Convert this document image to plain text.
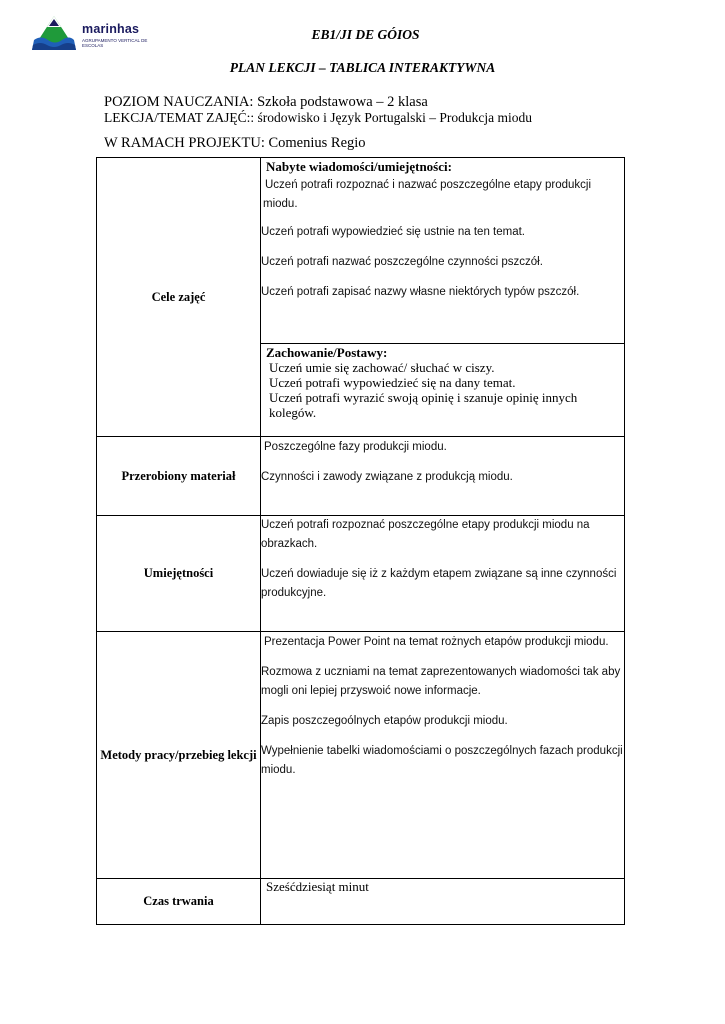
marinhas
AGRUPAMENTO VERTICAL DE ESCOLAS
EB1/JI DE GÓIOS
PLAN LEKCJI – TABLICA INTERAKTYWNA
POZIOM NAUCZANIA: Szkoła podstawowa – 2 klasa
LEKCJA/TEMAT ZAJĘĆ:: środowisko i Język Portugalski – Produkcja miodu
W RAMACH PROJEKTU: Comenius Regio
Cele zajęć	Nabyte wiadomości/umiejętności:

Uczeń potrafi rozpoznać i nazwać poszczególne etapy produkcji miodu.

Uczeń potrafi wypowiedzieć się ustnie na ten temat.

Uczeń potrafi nazwać poszczególne czynności pszczół.

Uczeń potrafi zapisać nazwy własne niektórych typów pszczół.

	Zachowanie/Postawy:
Uczeń umie się zachować/ słuchać w ciszy.
Uczeń potrafi wypowiedzieć się na dany temat.
Uczeń potrafi wyrazić swoją opinię i szanuje opinię innych
kolegów.

Przerobiony materiał	Poszczególne fazy produkcji miodu.

Czynności i zawody związane z produkcją miodu.

Umiejętności	Uczeń potrafi rozpoznać poszczególne etapy produkcji miodu na obrazkach.

Uczeń dowiaduje się iż z każdym etapem związane są inne czynności produkcyjne.

Metody pracy/przebieg lekcji	Prezentacja Power Point na temat rożnych etapów produkcji miodu.

Rozmowa z uczniami na temat zaprezentowanych wiadomości tak aby mogli oni lepiej przyswoić nowe informacje.

Zapis poszczegoólnych etapów produkcji miodu.

Wypełnienie tabelki wiadomościami o poszczególnych fazach produkcji miodu.

Czas trwania	Sześćdziesiąt minut
